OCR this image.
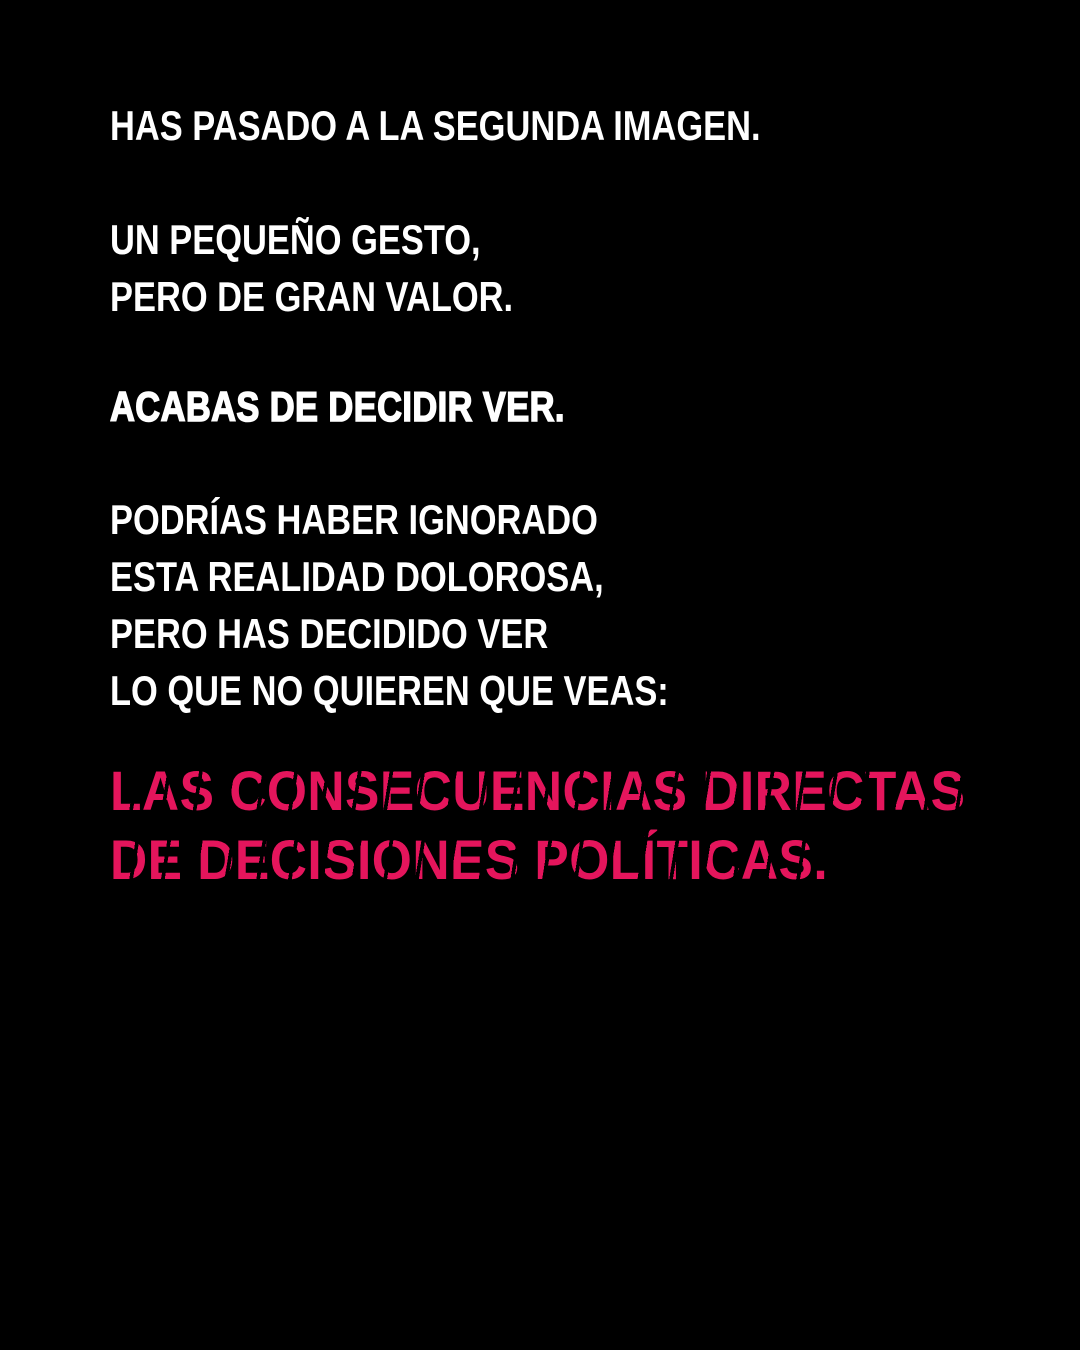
HAS PASADO A LA SEGUNDA IMAGEN.

UN PEQUEÑO GESTO,

PERO DE GRAN VALOR.

ACABAS DE DECIDIR VER.

PODRÍAS HABER IGNORADO

ESTA REALIDAD DOLOROSA,

PERO HAS DECIDIDO VER

LO QUE NO QUIEREN QUE VEAS:

LAS CONSECUENCIAS DIRECTAS

DE DECISIONES POLÍTICAS.
